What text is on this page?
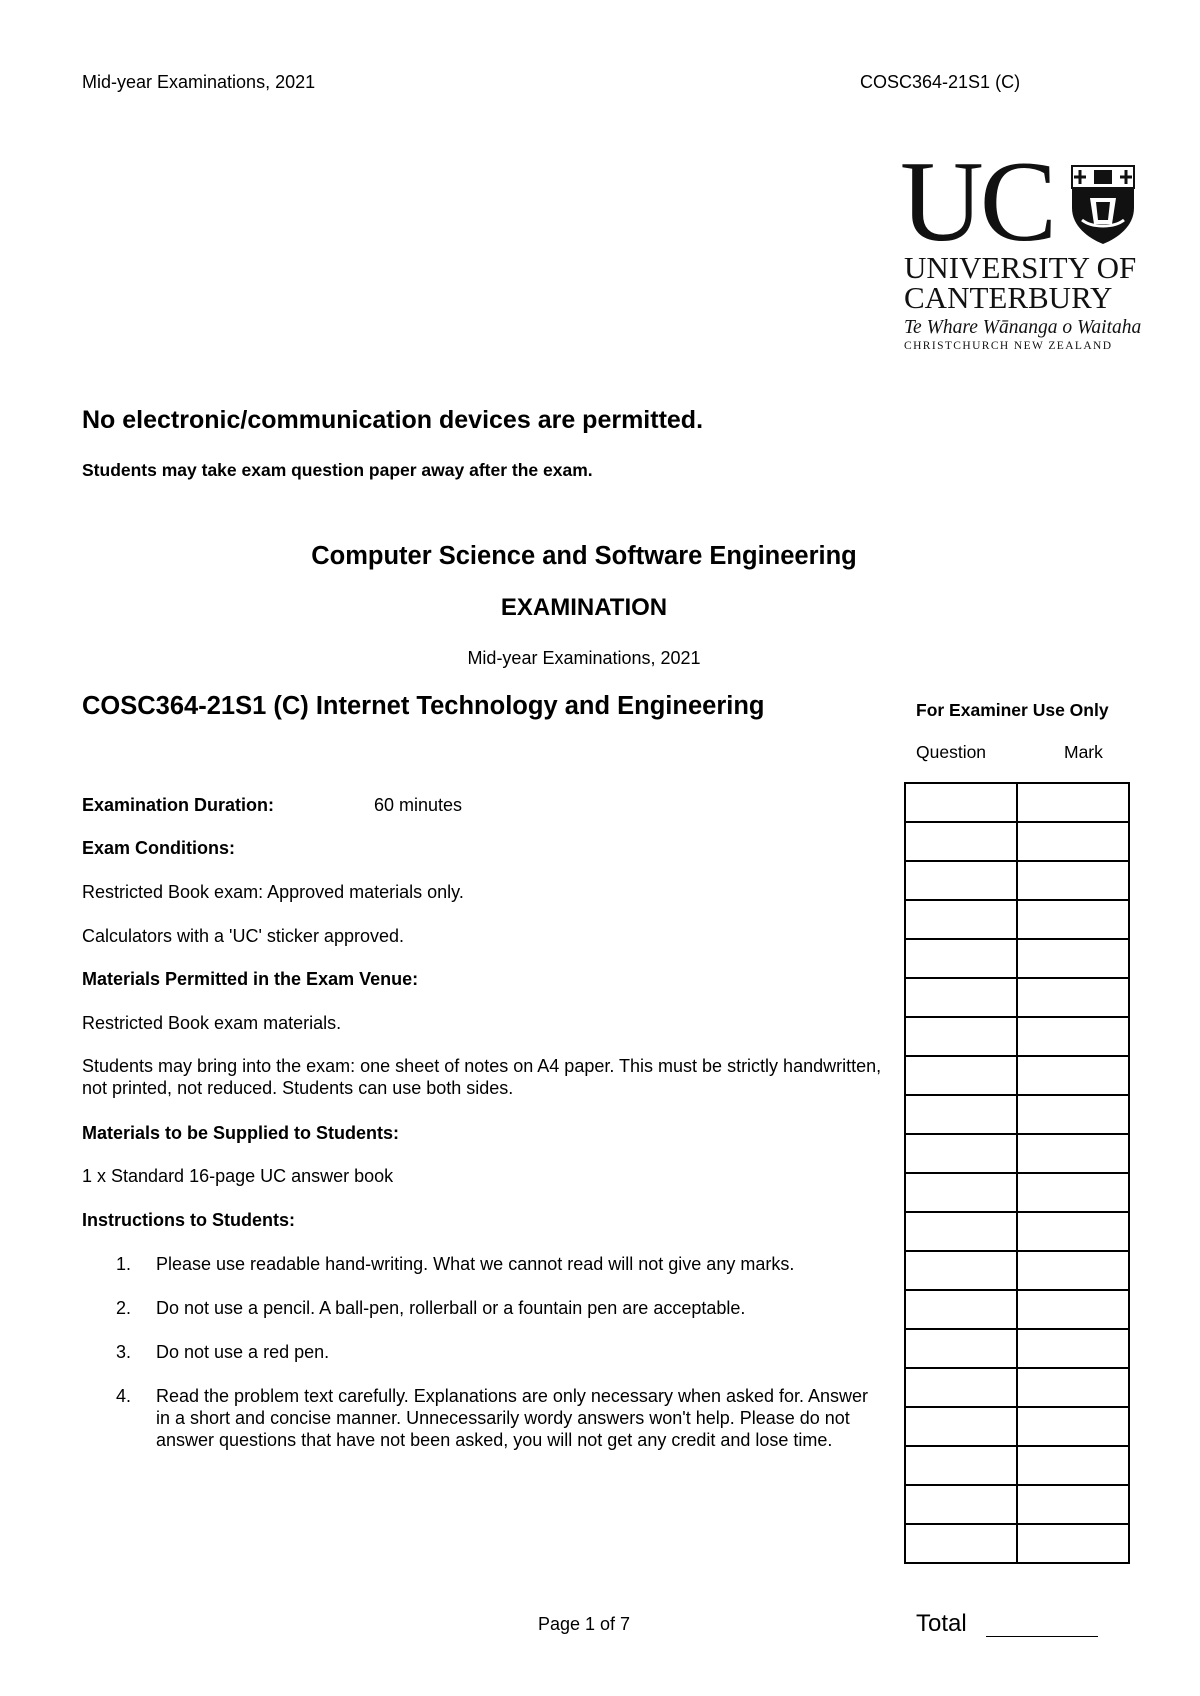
Mid-year Examinations, 2021	COSC364-21S1 (C)
UC
UNIVERSITY OF
CANTERBURY
Te Whare Wānanga o Waitaha
CHRISTCHURCH NEW ZEALAND
No electronic/communication devices are permitted.
Students may take exam question paper away after the exam.
Computer Science and Software Engineering
EXAMINATION
Mid-year Examinations, 2021
COSC364-21S1 (C) Internet Technology and Engineering	For Examiner Use Only
Question	Mark

Examination Duration:	60 minutes
Exam Conditions:
Restricted Book exam: Approved materials only.
Calculators with a 'UC' sticker approved.
Materials Permitted in the Exam Venue:
Restricted Book exam materials.
Students may bring into the exam: one sheet of notes on A4 paper. This must be strictly handwritten, not printed, not reduced. Students can use both sides.
Materials to be Supplied to Students:
1 x Standard 16-page UC answer book
Instructions to Students:
1.	Please use readable hand-writing. What we cannot read will not give any marks.
2.	Do not use a pencil. A ball-pen, rollerball or a fountain pen are acceptable.
3.	Do not use a red pen.
4.	Read the problem text carefully. Explanations are only necessary when asked for. Answer in a short and concise manner. Unnecessarily wordy answers won't help. Please do not answer questions that have not been asked, you will not get any credit and lose time.
Page 1 of 7	Total
